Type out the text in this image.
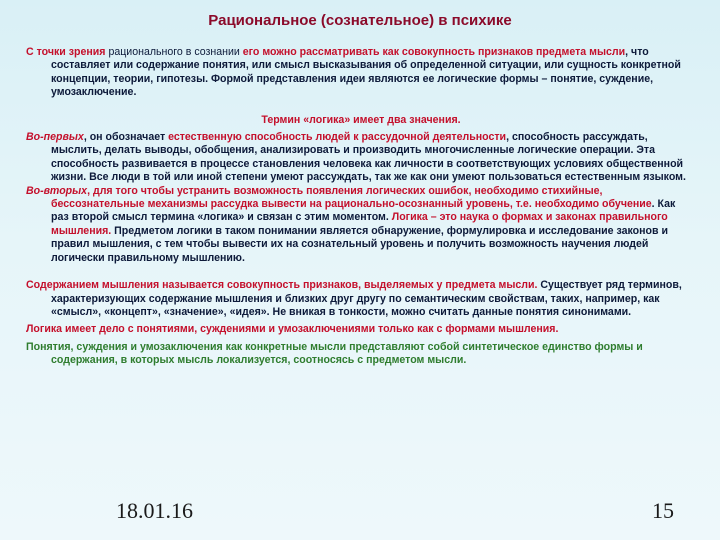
Рациональное (сознательное) в психике

С точки зрения рационального в сознании его можно рассматривать как совокупность признаков предмета мысли, что составляет или содержание понятия, или смысл высказывания об определенной ситуации, или сущность конкретной концепции, теории, гипотезы. Формой представления идеи являются ее логические формы – понятие, суждение, умозаключение.

Термин «логика» имеет два значения.

Во-первых, он обозначает естественную способность людей к рассудочной деятельности, способность рассуждать, мыслить, делать выводы, обобщения, анализировать и производить многочисленные логические операции. Эта способность развивается в процессе становления человека как личности в соответствующих условиях общественной жизни. Все люди в той или иной степени умеют рассуждать, так же как они умеют пользоваться естественным языком.

Во-вторых, для того чтобы устранить возможность появления логических ошибок, необходимо стихийные, бессознательные механизмы рассудка вывести на рационально-осознанный уровень, т.е. необходимо обучение. Как раз второй смысл термина «логика» и связан с этим моментом. Логика – это наука о формах и законах правильного мышления. Предметом логики в таком понимании является обнаружение, формулировка и исследование законов и правил мышления, с тем чтобы вывести их на сознательный уровень и получить возможность научения людей логически правильному мышлению.

Содержанием мышления называется совокупность признаков, выделяемых у предмета мысли. Существует ряд терминов, характеризующих содержание мышления и близких друг другу по семантическим свойствам, таких, например, как «смысл», «концепт», «значение», «идея». Не вникая в тонкости, можно считать данные понятия синонимами.

Логика имеет дело с понятиями, суждениями и умозаключениями только как с формами мышления.

Понятия, суждения и умозаключения как конкретные мысли представляют собой синтетическое единство формы и содержания, в которых мысль локализуется, соотносясь с предметом мысли.

18.01.16	15
